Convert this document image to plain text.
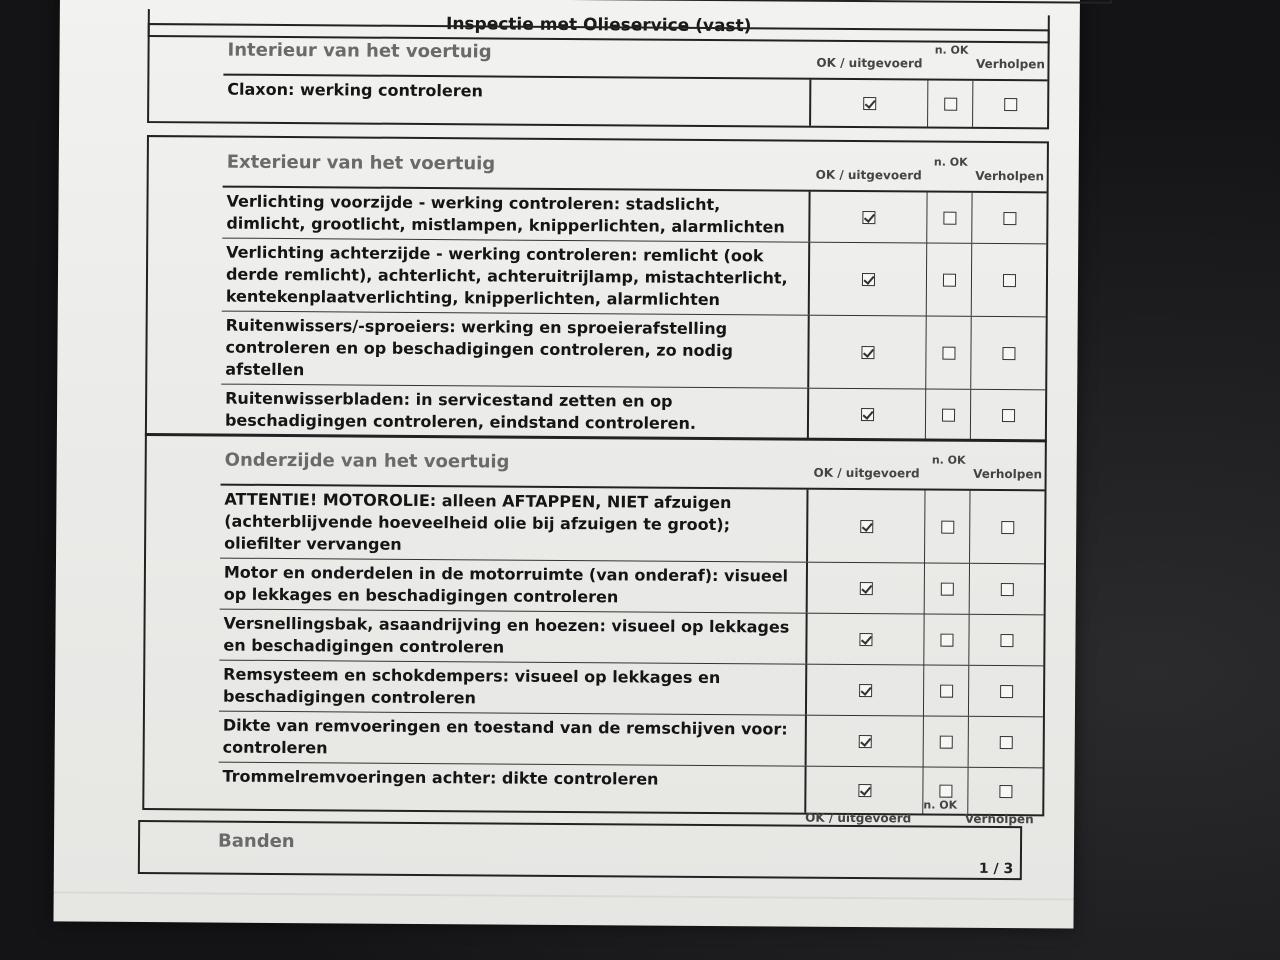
Inspectie met Olieservice (vast)
Interieur van het voertuig
OK / uitgevoerd
n. OK
Verholpen
Claxon: werking controleren
Exterieur van het voertuig
OK / uitgevoerd
n. OK
Verholpen
Verlichting voorzijde - werking controleren: stadslicht, dimlicht, grootlicht, mistlampen, knipperlichten, alarmlichten
Verlichting achterzijde - werking controleren: remlicht (ook derde remlicht), achterlicht, achteruitrijlamp, mistachterlicht, kentekenplaatverlichting, knipperlichten, alarmlichten
Ruitenwissers/-sproeiers: werking en sproeierafstelling controleren en op beschadigingen controleren, zo nodig afstellen
Ruitenwisserbladen: in servicestand zetten en op beschadigingen controleren, eindstand controleren.
Onderzijde van het voertuig
OK / uitgevoerd
n. OK
Verholpen
ATTENTIE! MOTOROLIE: alleen AFTAPPEN, NIET afzuigen (achterblijvende hoeveelheid olie bij afzuigen te groot); oliefilter vervangen
Motor en onderdelen in de motorruimte (van onderaf): visueel op lekkages en beschadigingen controleren
Versnellingsbak, asaandrijving en hoezen: visueel op lekkages en beschadigingen controleren
Remsysteem en schokdempers: visueel op lekkages en beschadigingen controleren
Dikte van remvoeringen en toestand van de remschijven voor: controleren
Trommelremvoeringen achter: dikte controleren
OK / uitgevoerd
n. OK
Verholpen
Banden
1 / 3
